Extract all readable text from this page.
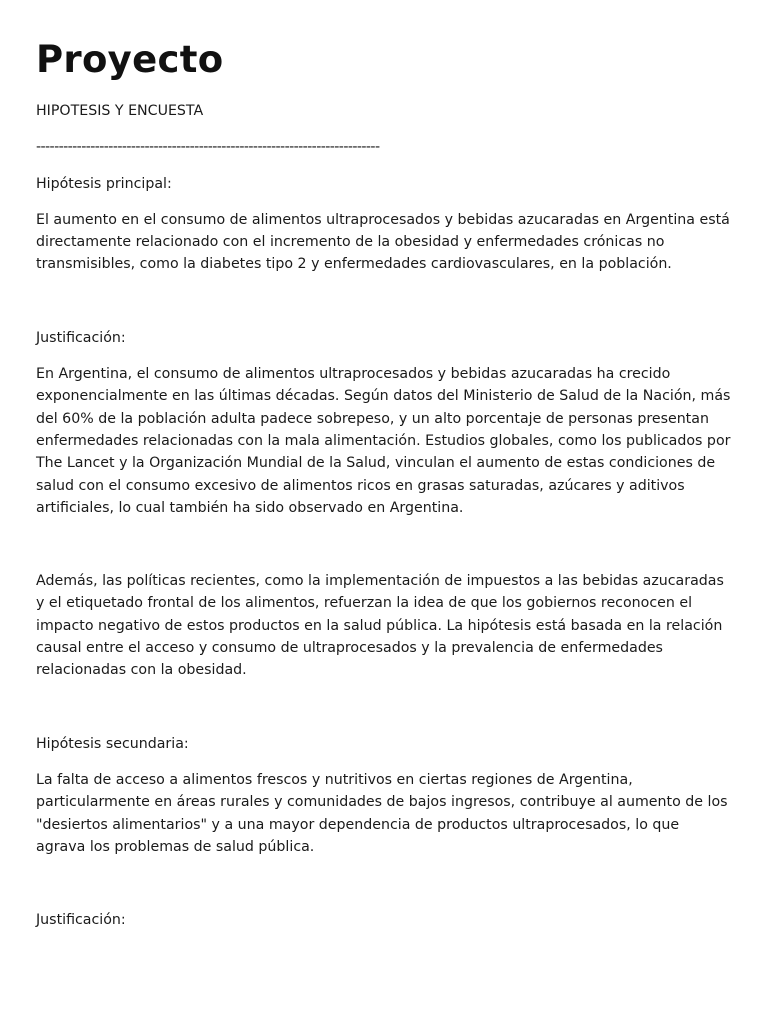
Proyecto

HIPOTESIS Y ENCUESTA

----------------------------------------------------------------------------

Hipótesis principal:

El aumento en el consumo de alimentos ultraprocesados y bebidas azucaradas en Argentina está directamente relacionado con el incremento de la obesidad y enfermedades crónicas no transmisibles, como la diabetes tipo 2 y enfermedades cardiovasculares, en la población.

Justificación:

En Argentina, el consumo de alimentos ultraprocesados y bebidas azucaradas ha crecido exponencialmente en las últimas décadas. Según datos del Ministerio de Salud de la Nación, más del 60% de la población adulta padece sobrepeso, y un alto porcentaje de personas presentan enfermedades relacionadas con la mala alimentación. Estudios globales, como los publicados por The Lancet y la Organización Mundial de la Salud, vinculan el aumento de estas condiciones de salud con el consumo excesivo de alimentos ricos en grasas saturadas, azúcares y aditivos artificiales, lo cual también ha sido observado en Argentina.

Además, las políticas recientes, como la implementación de impuestos a las bebidas azucaradas y el etiquetado frontal de los alimentos, refuerzan la idea de que los gobiernos reconocen el impacto negativo de estos productos en la salud pública. La hipótesis está basada en la relación causal entre el acceso y consumo de ultraprocesados y la prevalencia de enfermedades relacionadas con la obesidad.

Hipótesis secundaria:

La falta de acceso a alimentos frescos y nutritivos en ciertas regiones de Argentina, particularmente en áreas rurales y comunidades de bajos ingresos, contribuye al aumento de los "desiertos alimentarios" y a una mayor dependencia de productos ultraprocesados, lo que agrava los problemas de salud pública.

Justificación:
